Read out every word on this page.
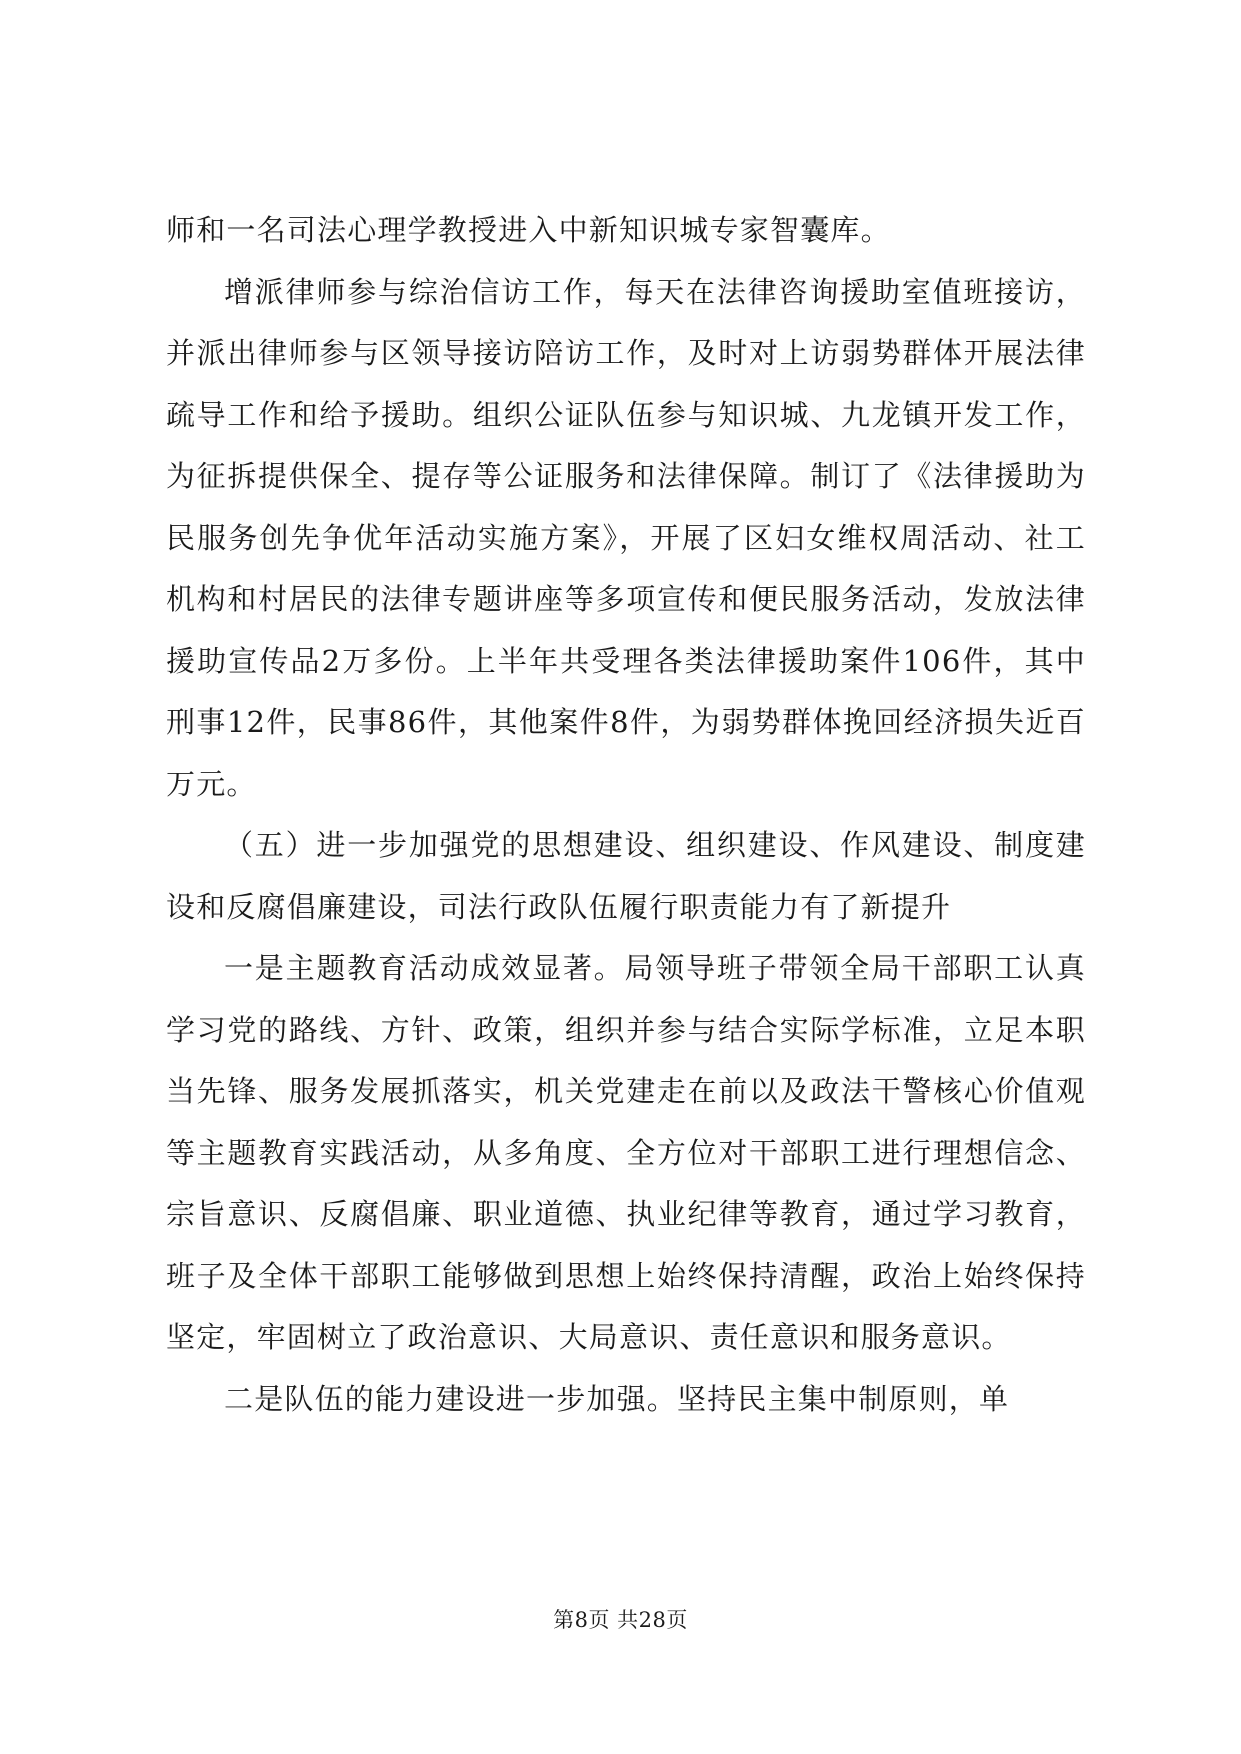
师和一名司法心理学教授进入中新知识城专家智囊库。

增派律师参与综治信访工作，每天在法律咨询援助室值班接访，并派出律师参与区领导接访陪访工作，及时对上访弱势群体开展法律疏导工作和给予援助。组织公证队伍参与知识城、九龙镇开发工作，为征拆提供保全、提存等公证服务和法律保障。制订了《法律援助为民服务创先争优年活动实施方案》，开展了区妇女维权周活动、社工机构和村居民的法律专题讲座等多项宣传和便民服务活动，发放法律援助宣传品2万多份。上半年共受理各类法律援助案件106件，其中刑事12件，民事86件，其他案件8件，为弱势群体挽回经济损失近百万元。

（五）进一步加强党的思想建设、组织建设、作风建设、制度建设和反腐倡廉建设，司法行政队伍履行职责能力有了新提升

一是主题教育活动成效显著。局领导班子带领全局干部职工认真学习党的路线、方针、政策，组织并参与结合实际学标准，立足本职当先锋、服务发展抓落实，机关党建走在前以及政法干警核心价值观等主题教育实践活动，从多角度、全方位对干部职工进行理想信念、宗旨意识、反腐倡廉、职业道德、执业纪律等教育，通过学习教育，班子及全体干部职工能够做到思想上始终保持清醒，政治上始终保持坚定，牢固树立了政治意识、大局意识、责任意识和服务意识。

二是队伍的能力建设进一步加强。坚持民主集中制原则，单

第8页 共28页
